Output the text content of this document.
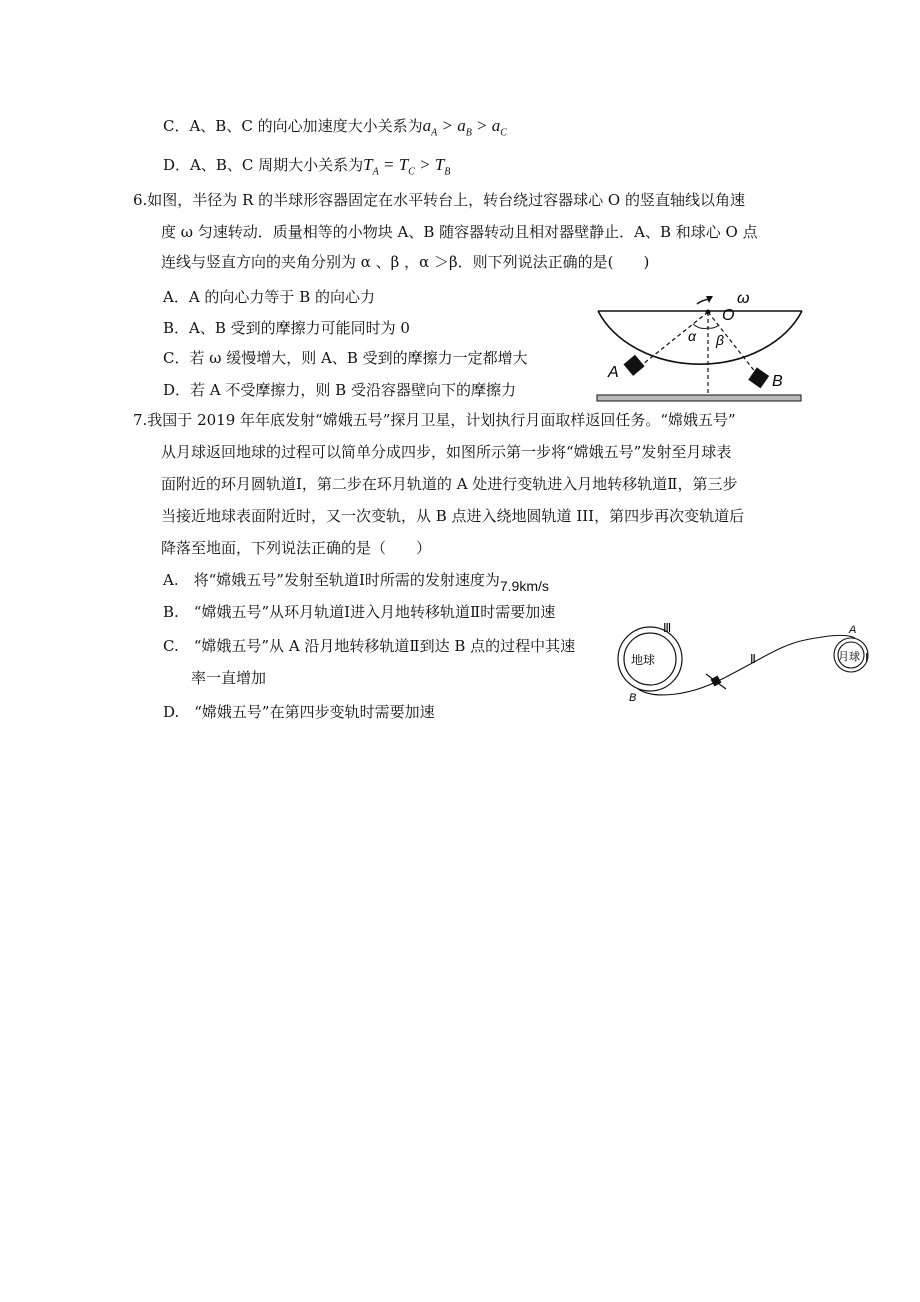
C．A、B、C 的向心加速度大小关系为$a_A > a_B > a_C$
D．A、B、C 周期大小关系为$T_A = T_C > T_B$
6.如图，半径为 R 的半球形容器固定在水平转台上，转台绕过容器球心 O 的竖直轴线以角速
度 ω 匀速转动．质量相等的小物块 A、B 随容器转动且相对器壁静止．A、B 和球心 O 点
连线与竖直方向的夹角分别为 α 、β ，α ＞β．则下列说法正确的是(　　)
A．A 的向心力等于 B 的向心力
B．A、B 受到的摩擦力可能同时为 0
C．若 ω 缓慢增大，则 A、B 受到的摩擦力一定都增大
D．若 A 不受摩擦力，则 B 受沿容器壁向下的摩擦力
ω
O
α β
A
B
7.我国于 2019 年年底发射“嫦娥五号”探月卫星，计划执行月面取样返回任务。“嫦娥五号”
从月球返回地球的过程可以简单分成四步，如图所示第一步将“嫦娥五号”发射至月球表
面附近的环月圆轨道Ⅰ，第二步在环月轨道的 A 处进行变轨进入月地转移轨道Ⅱ，第三步
当接近地球表面附近时，又一次变轨，从 B 点进入绕地圆轨道 III，第四步再次变轨道后
降落至地面，下列说法正确的是（　　）
A.　将“嫦娥五号”发射至轨道Ⅰ时所需的发射速度为7.9km/s
B.　“嫦娥五号”从环月轨道Ⅰ进入月地转移轨道Ⅱ时需要加速
C.　“嫦娥五号”从 A 沿月地转移轨道Ⅱ到达 B 点的过程中其速
率一直增加
D.　“嫦娥五号”在第四步变轨时需要加速
地球	月球
Ⅲ
Ⅱ	Ⅰ
A
B
